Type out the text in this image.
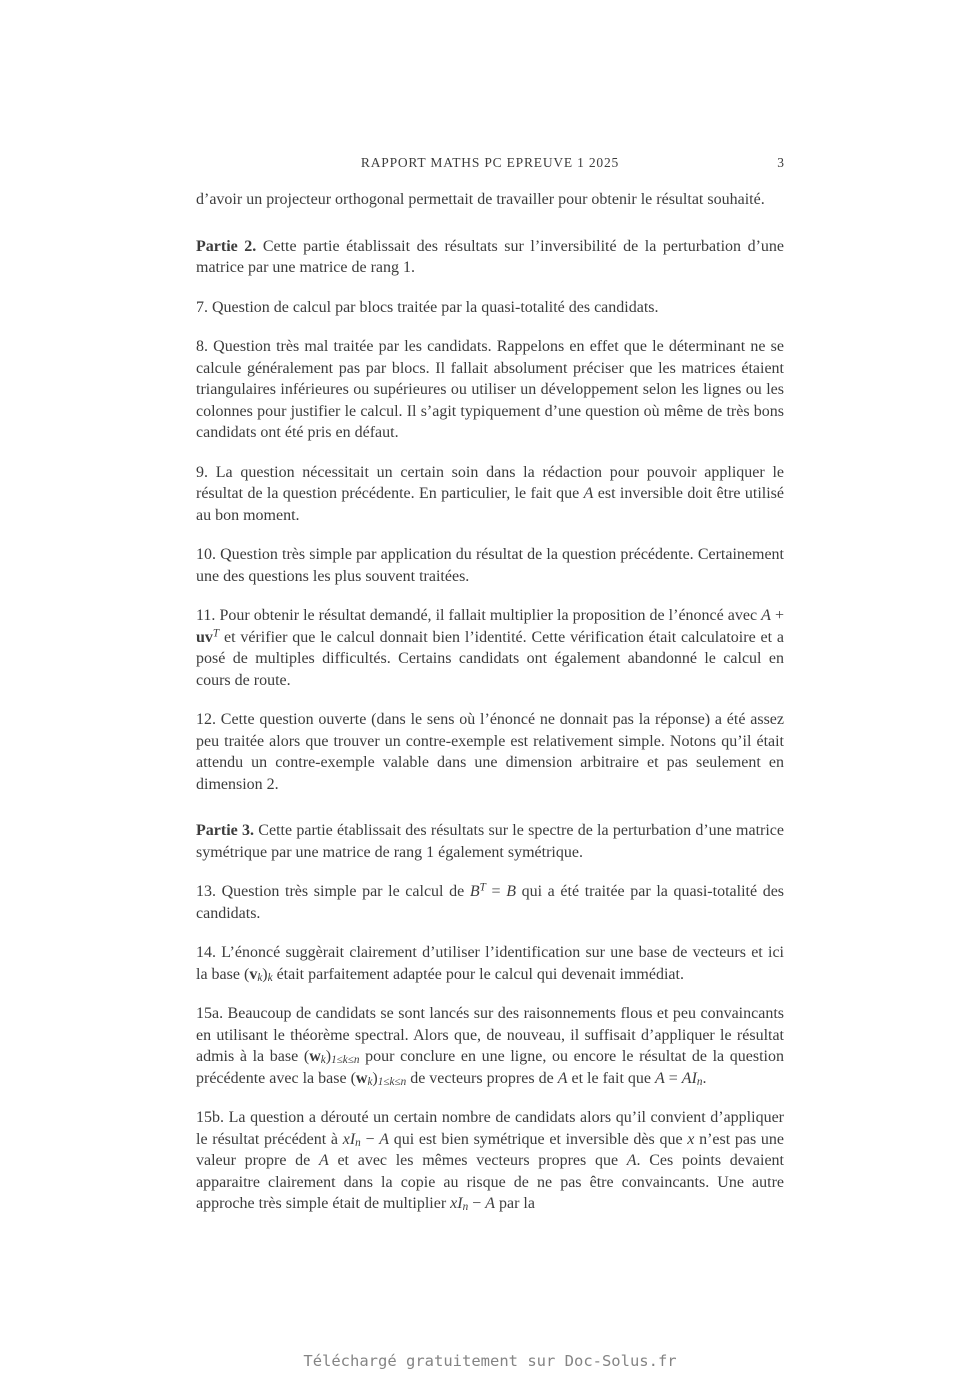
RAPPORT MATHS PC EPREUVE 1 2025	3

d’avoir un projecteur orthogonal permettait de travailler pour obtenir le résultat souhaité.

Partie 2. Cette partie établissait des résultats sur l’inversibilité de la perturbation d’une matrice par une matrice de rang 1.

7. Question de calcul par blocs traitée par la quasi-totalité des candidats.

8. Question très mal traitée par les candidats. Rappelons en effet que le déterminant ne se calcule généralement pas par blocs. Il fallait absolument préciser que les matrices étaient triangulaires inférieures ou supérieures ou utiliser un développement selon les lignes ou les colonnes pour justifier le calcul. Il s’agit typiquement d’une question où même de très bons candidats ont été pris en défaut.

9. La question nécessitait un certain soin dans la rédaction pour pouvoir appliquer le résultat de la question précédente. En particulier, le fait que A est inversible doit être utilisé au bon moment.

10. Question très simple par application du résultat de la question précédente. Certainement une des questions les plus souvent traitées.

11. Pour obtenir le résultat demandé, il fallait multiplier la proposition de l’énoncé avec $A + uv^T$ et vérifier que le calcul donnait bien l’identité. Cette vérification était calculatoire et a posé de multiples difficultés. Certains candidats ont également abandonné le calcul en cours de route.

12. Cette question ouverte (dans le sens où l’énoncé ne donnait pas la réponse) a été assez peu traitée alors que trouver un contre-exemple est relativement simple. Notons qu’il était attendu un contre-exemple valable dans une dimension arbitraire et pas seulement en dimension 2.

Partie 3. Cette partie établissait des résultats sur le spectre de la perturbation d’une matrice symétrique par une matrice de rang 1 également symétrique.

13. Question très simple par le calcul de $B^T = B$ qui a été traitée par la quasi-totalité des candidats.

14. L’énoncé suggèrait clairement d’utiliser l’identification sur une base de vecteurs et ici la base $(v_k)_k$ était parfaitement adaptée pour le calcul qui devenait immédiat.

15a. Beaucoup de candidats se sont lancés sur des raisonnements flous et peu convaincants en utilisant le théorème spectral. Alors que, de nouveau, il suffisait d’appliquer le résultat admis à la base $(w_k)_{1\le k\le n}$ pour conclure en une ligne, ou encore le résultat de la question précédente avec la base $(w_k)_{1\le k\le n}$ de vecteurs propres de A et le fait que $A = AI_n$.

15b. La question a dérouté un certain nombre de candidats alors qu’il convient d’appliquer le résultat précédent à $xI_n - A$ qui est bien symétrique et inversible dès que x n’est pas une valeur propre de A et avec les mêmes vecteurs propres que A. Ces points devaient apparaitre clairement dans la copie au risque de ne pas être convaincants. Une autre approche très simple était de multiplier $xI_n - A$ par la

Téléchargé gratuitement sur Doc-Solus.fr
